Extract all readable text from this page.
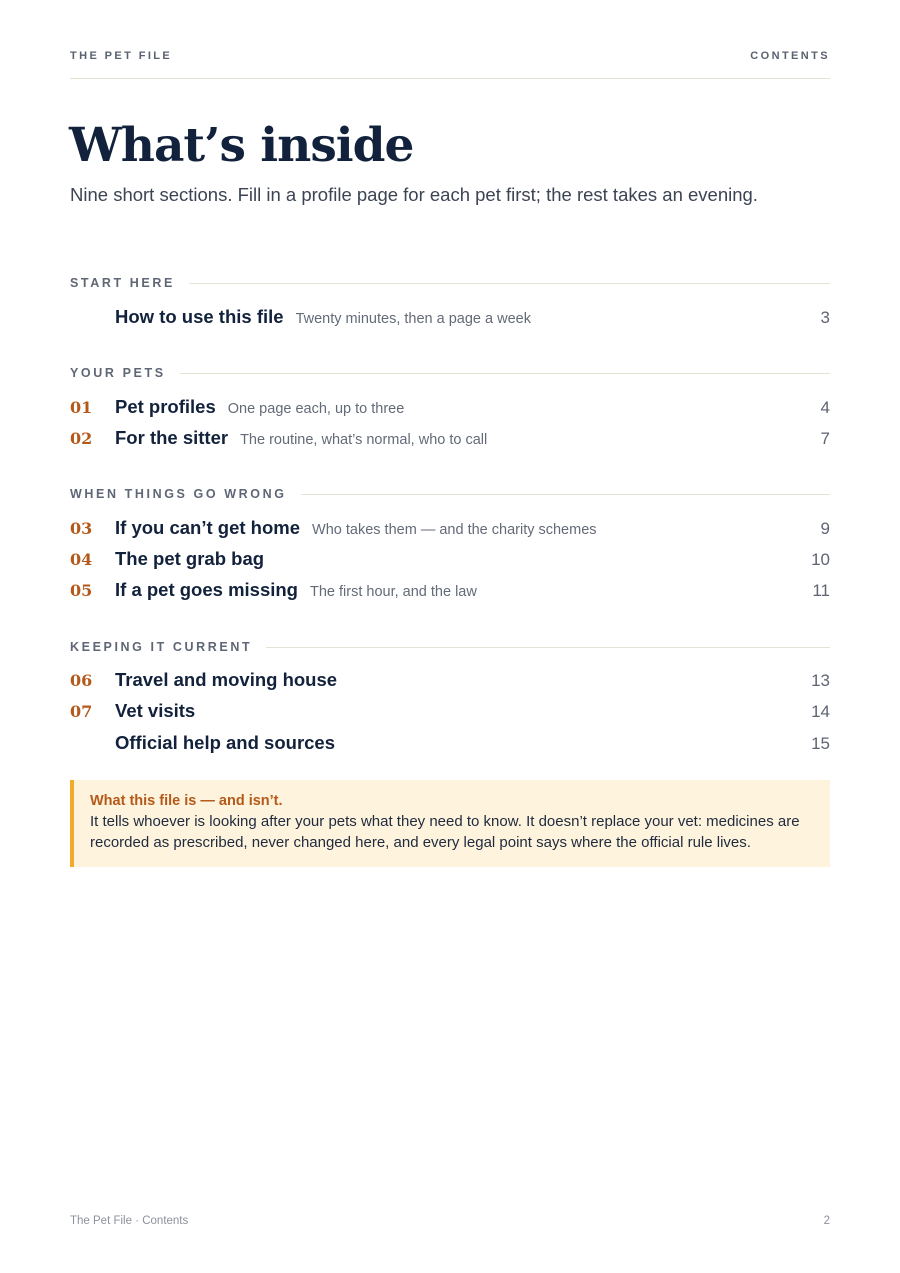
THE PET FILE	CONTENTS
What’s inside

Nine short sections. Fill in a profile page for each pet first; the rest takes an evening.

START HERE
How to use this file Twenty minutes, then a page a week	3
YOUR PETS
01	Pet profiles One page each, up to three	4
02	For the sitter The routine, what’s normal, who to call	7
WHEN THINGS GO WRONG
03	If you can’t get home Who takes them — and the charity schemes	9
04	The pet grab bag	10
05	If a pet goes missing The first hour, and the law	11
KEEPING IT CURRENT
06	Travel and moving house	13
07	Vet visits	14
Official help and sources	15
What this file is — and isn’t.
It tells whoever is looking after your pets what they need to know. It doesn’t replace your vet: medicines are recorded as prescribed, never changed here, and every legal point says where the official rule lives.
The Pet File · Contents	2
